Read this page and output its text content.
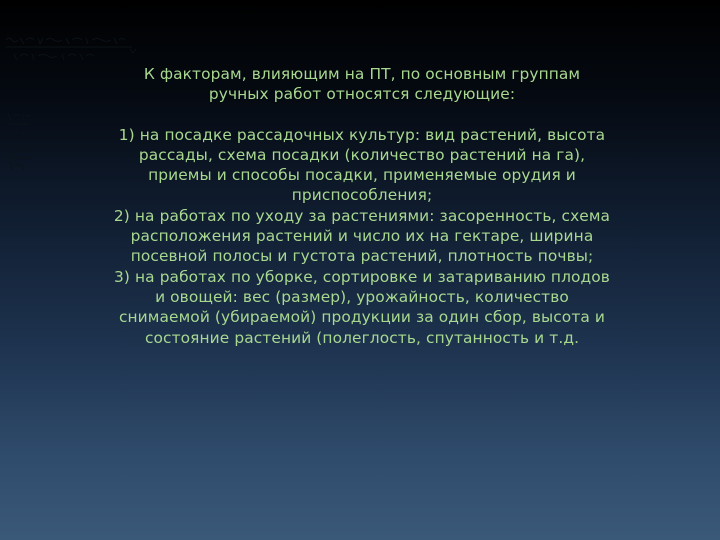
К факторам, влияющим на ПТ, по основным группам

ручных работ относятся следующие:

1) на посадке рассадочных культур: вид растений, высота

рассады, схема посадки (количество растений на га),

приемы и способы посадки, применяемые орудия и

приспособления;

2) на работах по уходу за растениями: засоренность, схема

расположения растений и число их на гектаре, ширина

посевной полосы и густота растений, плотность почвы;

3) на работах по уборке, сортировке и затариванию плодов

и овощей: вес (размер), урожайность, количество

снимаемой (убираемой) продукции за один сбор, высота и

состояние растений (полеглость, спутанность и т.д.
